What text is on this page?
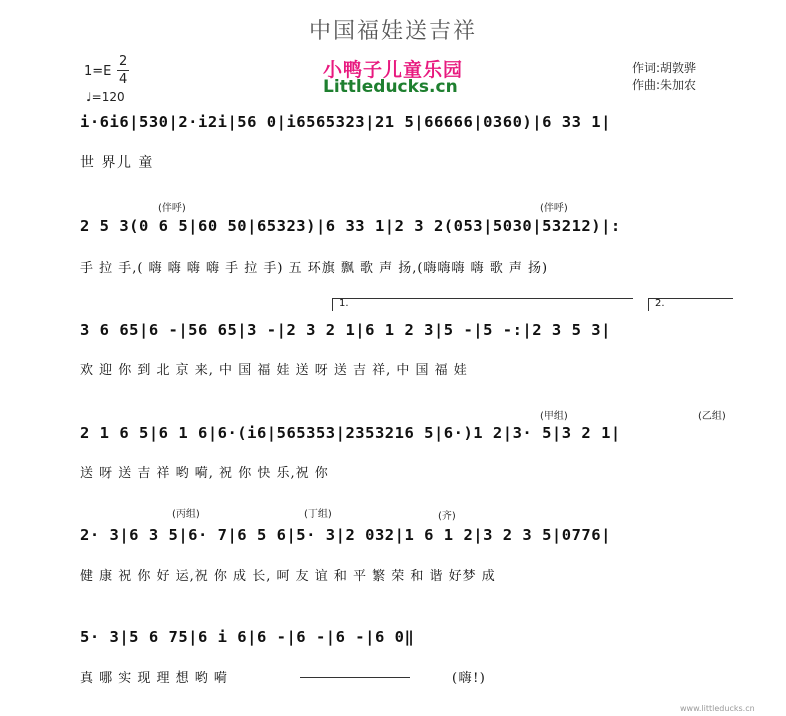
中国福娃送吉祥
1=E
2
4
♩=120
小鸭子儿童乐园
Littleducks.cn
作词:胡敦骅
作曲:朱加农
i·6i6|530|2·i2i|56 0|i6565323|21 5|66666|0360)|6 33 1|
世 界儿 童
(伴呼)	(伴呼)
2 5 3(0 6 5|60 50|65323)|6 33 1|2 3 2(053|5030|53212)|:
手 拉 手,( 嗨 嗨 嗨 嗨 手 拉 手) 五 环旗 飘 歌 声 扬,(嗨嗨嗨 嗨 歌 声 扬)
1.	2.
3 6 65|6 -|56 65|3 -|2 3 2 1|6 1 2 3|5 -|5 -:|2 3 5 3|
欢 迎 你 到 北 京 来, 中 国 福 娃 送 呀 送 吉 祥, 中 国 福 娃
(甲组)	(乙组)
2 1 6 5|6 1 6|6·(i6|565353|2353216 5|6·)1 2|3· 5|3 2 1|
送 呀 送 吉 祥 哟 嗬, 祝 你 快 乐,祝 你
(丙组)	(丁组)	(齐)
2· 3|6 3 5|6· 7|6 5 6|5· 3|2 032|1 6 1 2|3 2 3 5|0776|
健 康 祝 你 好 运,祝 你 成 长, 呵 友 谊 和 平 繁 荣 和 谐 好梦 成
5· 3|5 6 75|6 i 6|6 -|6 -|6 -|6 0‖
真 哪 实 现 理 想 哟 嗬	(嗨!)
www.littleducks.cn
